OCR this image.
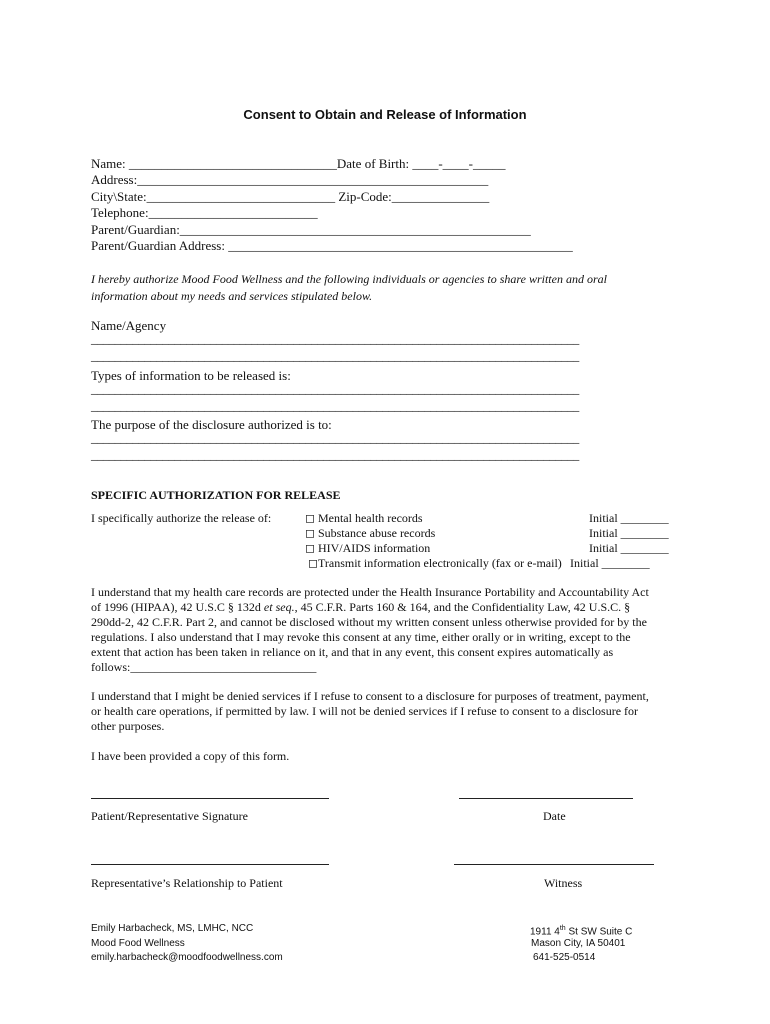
Consent to Obtain and Release of Information
Name: ________________________________Date of Birth: ____-____-_____
Address:______________________________________________________
City\State:_____________________________ Zip-Code:_______________
Telephone:__________________________
Parent/Guardian:______________________________________________________
Parent/Guardian Address: _____________________________________________________
I hereby authorize Mood Food Wellness and the following individuals or agencies to share written and oral
information about my needs and services stipulated below.
Name/Agency
__________________________________________________________________________________
__________________________________________________________________________________
Types of information to be released is:
__________________________________________________________________________________
__________________________________________________________________________________
The purpose of the disclosure authorized is to:
__________________________________________________________________________________
__________________________________________________________________________________
SPECIFIC AUTHORIZATION FOR RELEASE
I specifically authorize the release of:	◻ Mental health records	Initial ________
◻ Substance abuse records	Initial ________
◻ HIV/AIDS information	Initial ________
◻Transmit information electronically (fax or e-mail) Initial ________
I understand that my health care records are protected under the Health Insurance Portability and Accountability Act
of 1996 (HIPAA), 42 U.S.C § 132d et seq., 45 C.F.R. Parts 160 & 164, and the Confidentiality Law, 42 U.S.C. §
290dd-2, 42 C.F.R. Part 2, and cannot be disclosed without my written consent unless otherwise provided for by the
regulations. I also understand that I may revoke this consent at any time, either orally or in writing, except to the
extent that action has been taken in reliance on it, and that in any event, this consent expires automatically as
follows:_______________________________
I understand that I might be denied services if I refuse to consent to a disclosure for purposes of treatment, payment,
or health care operations, if permitted by law. I will not be denied services if I refuse to consent to a disclosure for
other purposes.
I have been provided a copy of this form.
Patient/Representative Signature	Date
Representative’s Relationship to Patient	Witness
Emily Harbacheck, MS, LMHC, NCC
Mood Food Wellness
emily.harbacheck@moodfoodwellness.com
1911 4th St SW Suite C
Mason City, IA 50401
641-525-0514
